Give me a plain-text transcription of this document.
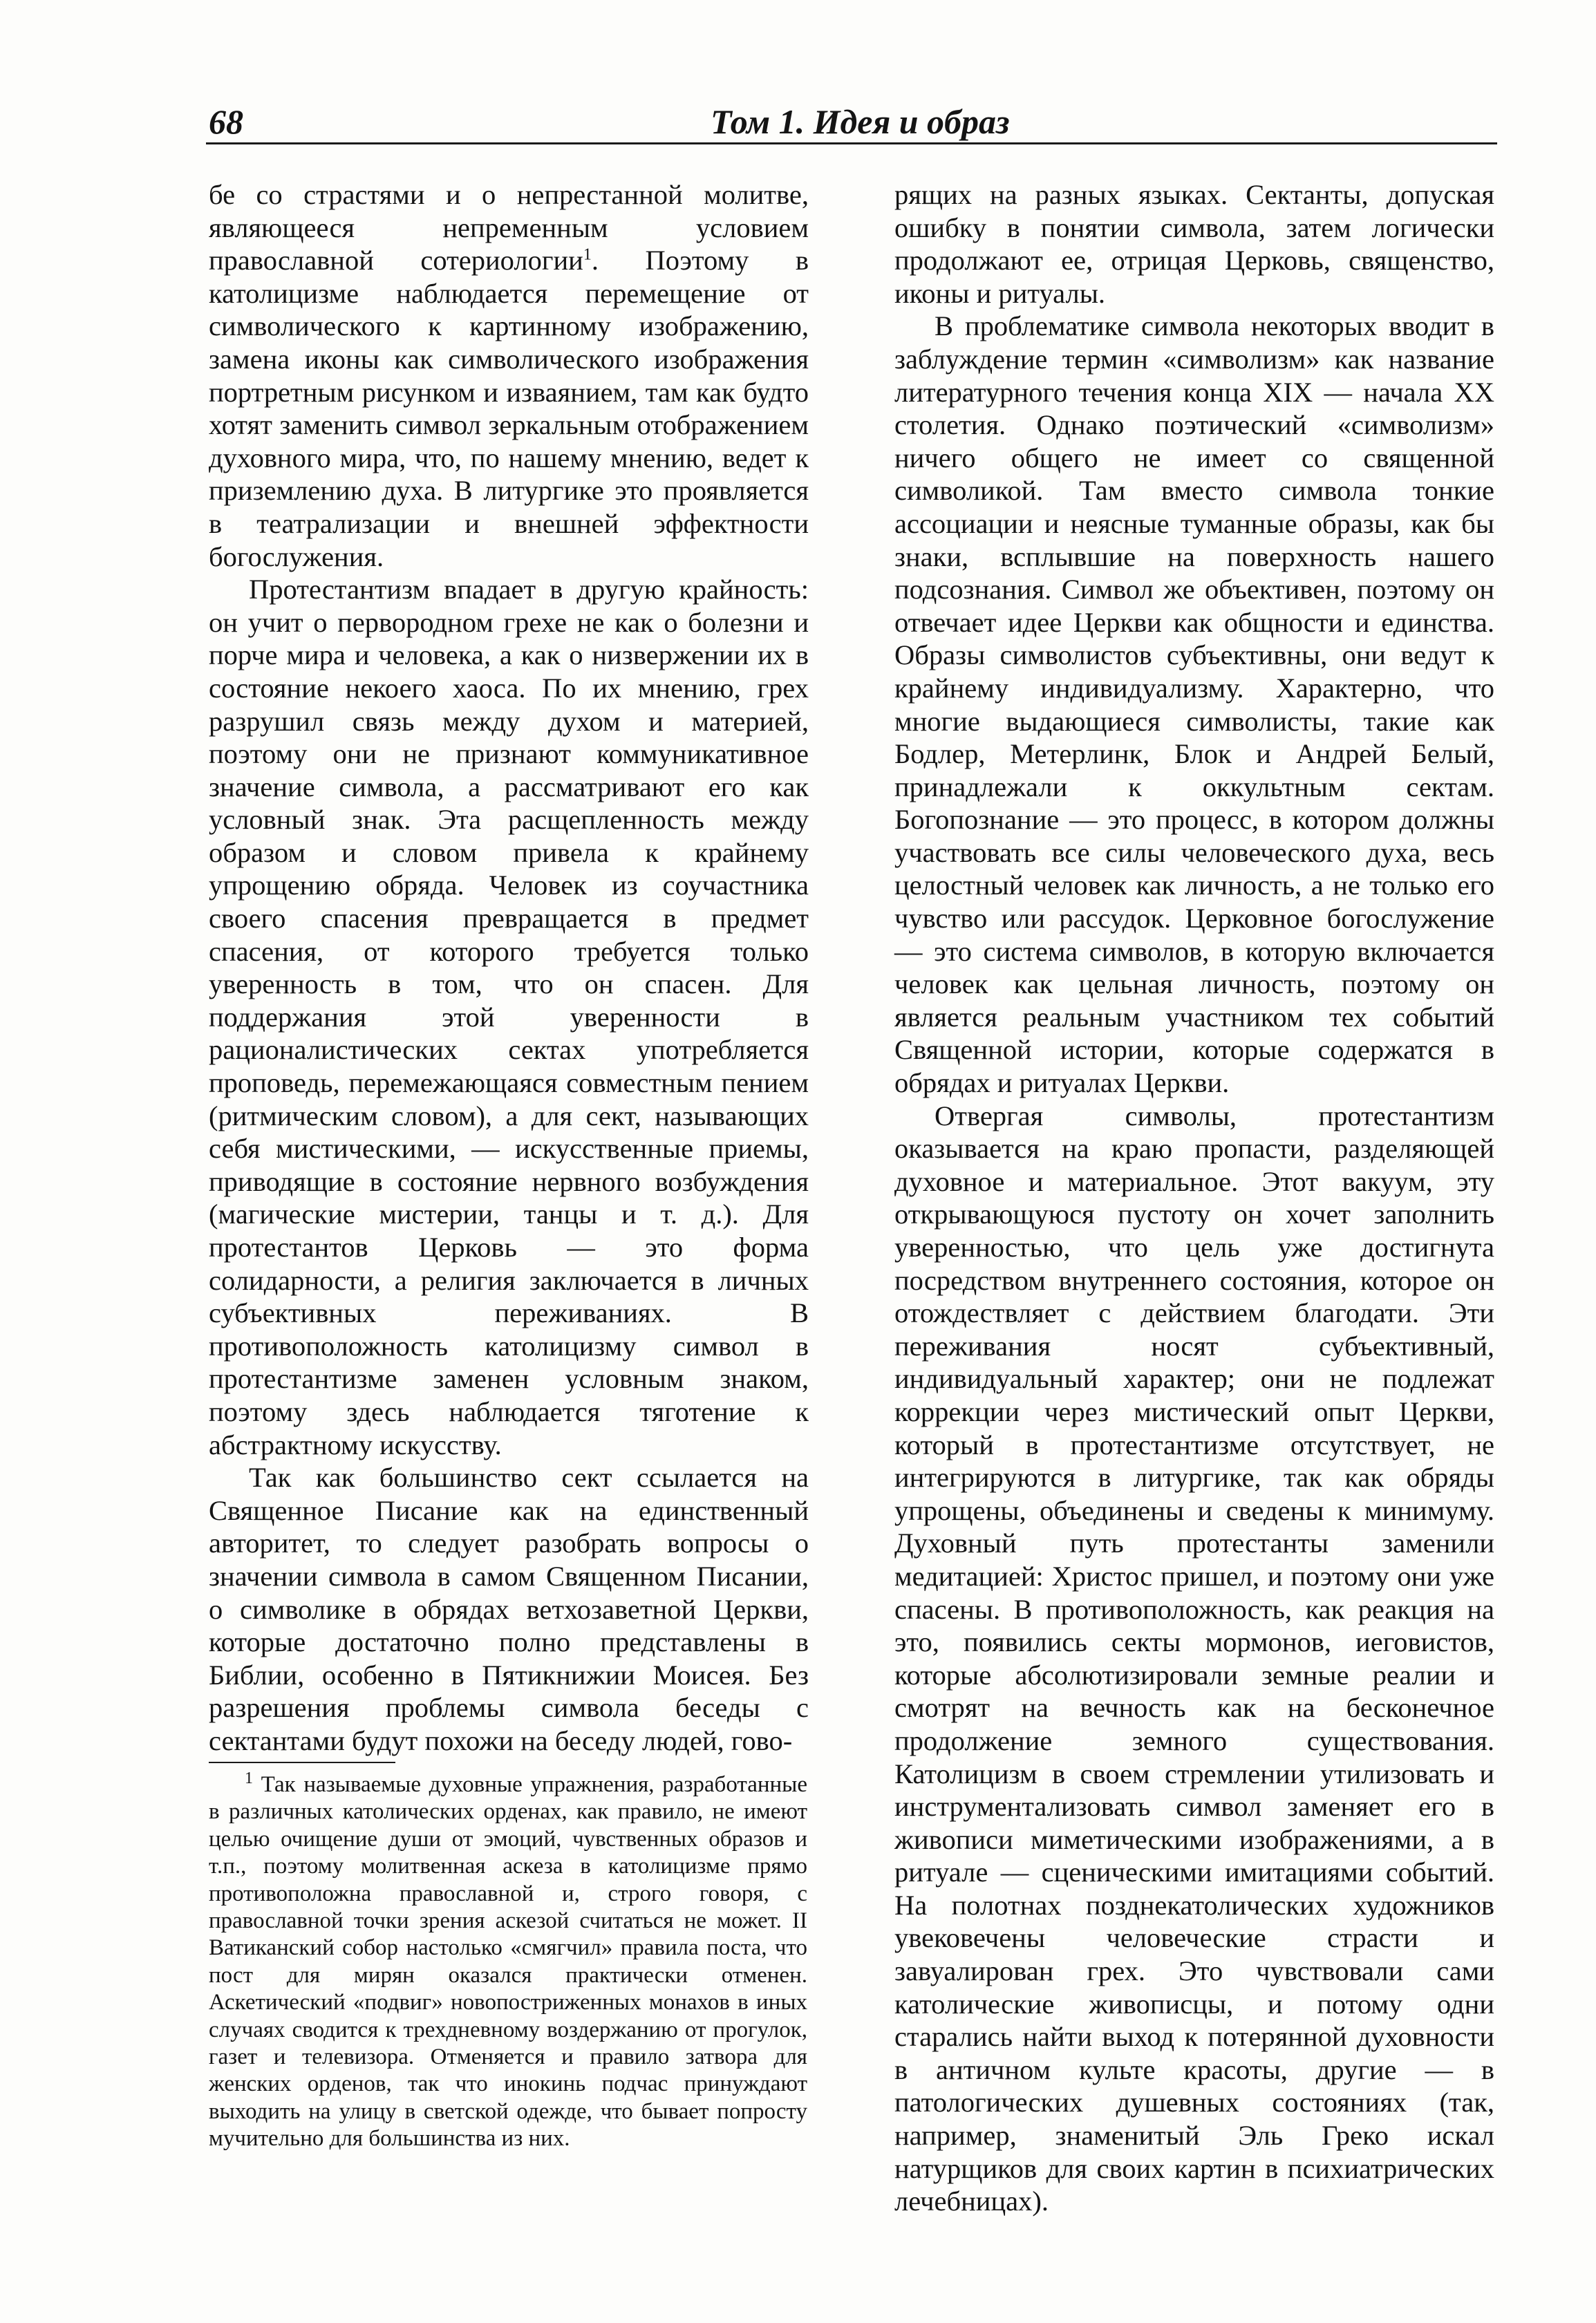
68	Том 1. Идея и образ

бе со страстями и о непрестанной молитве, являющееся непременным условием православной сотериологии$^1$. Поэтому в католицизме наблюдается перемещение от символического к картинному изображению, замена иконы как символического изображения портретным рисунком и изваянием, там как будто хотят заменить символ зеркальным отображением духовного мира, что, по нашему мнению, ведет к приземлению духа. В литургике это проявляется в театрализации и внешней эффектности богослужения.

Протестантизм впадает в другую крайность: он учит о первородном грехе не как о болезни и порче мира и человека, а как о низвержении их в состояние некоего хаоса. По их мнению, грех разрушил связь между духом и материей, поэтому они не признают коммуникативное значение символа, а рассматривают его как условный знак. Эта расщепленность между образом и словом привела к крайнему упрощению обряда. Человек из соучастника своего спасения превращается в предмет спасения, от которого требуется только уверенность в том, что он спасен. Для поддержания этой уверенности в рационалистических сектах употребляется проповедь, перемежающаяся совместным пением (ритмическим словом), а для сект, называющих себя мистическими, — искусственные приемы, приводящие в состояние нервного возбуждения (магические мистерии, танцы и т. д.). Для протестантов Церковь — это форма солидарности, а религия заключается в личных субъективных переживаниях. В противоположность католицизму символ в протестантизме заменен условным знаком, поэтому здесь наблюдается тяготение к абстрактному искусству.

Так как большинство сект ссылается на Священное Писание как на единственный авторитет, то следует разобрать вопросы о значении символа в самом Священном Писании, о символике в обрядах ветхозаветной Церкви, которые достаточно полно представлены в Библии, особенно в Пятикнижии Моисея. Без разрешения проблемы символа беседы с сектантами будут похожи на беседу людей, гово-

рящих на разных языках. Сектанты, допуская ошибку в понятии символа, затем логически продолжают ее, отрицая Церковь, священство, иконы и ритуалы.

В проблематике символа некоторых вводит в заблуждение термин «символизм» как название литературного течения конца XIX — начала XX столетия. Однако поэтический «символизм» ничего общего не имеет со священной символикой. Там вместо символа тонкие ассоциации и неясные туманные образы, как бы знаки, всплывшие на поверхность нашего подсознания. Символ же объективен, поэтому он отвечает идее Церкви как общности и единства. Образы символистов субъективны, они ведут к крайнему индивидуализму. Характерно, что многие выдающиеся символисты, такие как Бодлер, Метерлинк, Блок и Андрей Белый, принадлежали к оккультным сектам. Богопознание — это процесс, в котором должны участвовать все силы человеческого духа, весь целостный человек как личность, а не только его чувство или рассудок. Церковное богослужение — это система символов, в которую включается человек как цельная личность, поэтому он является реальным участником тех событий Священной истории, которые содержатся в обрядах и ритуалах Церкви.

Отвергая символы, протестантизм оказывается на краю пропасти, разделяющей духовное и материальное. Этот вакуум, эту открывающуюся пустоту он хочет заполнить уверенностью, что цель уже достигнута посредством внутреннего состояния, которое он отождествляет с действием благодати. Эти переживания носят субъективный, индивидуальный характер; они не подлежат коррекции через мистический опыт Церкви, который в протестантизме отсутствует, не интегрируются в литургике, так как обряды упрощены, объединены и сведены к минимуму. Духовный путь протестанты заменили медитацией: Христос пришел, и поэтому они уже спасены. В противоположность, как реакция на это, появились секты мормонов, иеговистов, которые абсолютизировали земные реалии и смотрят на вечность как на бесконечное продолжение земного существования. Католицизм в своем стремлении утилизовать и инструментализовать символ заменяет его в живописи миметическими изображениями, а в ритуале — сценическими имитациями событий. На полотнах позднекатолических художников увековечены человеческие страсти и завуалирован грех. Это чувствовали сами католические живописцы, и потому одни старались найти выход к потерянной духовности в античном культе красоты, другие — в патологических душевных состояниях (так, например, знаменитый Эль Греко искал натурщиков для своих картин в психиатрических лечебницах).

$^1$ Так называемые духовные упражнения, разработанные в различных католических орденах, как правило, не имеют целью очищение души от эмоций, чувственных образов и т.п., поэтому молитвенная аскеза в католицизме прямо противоположна православной и, строго говоря, с православной точки зрения аскезой считаться не может. II Ватиканский собор настолько «смягчил» правила поста, что пост для мирян оказался практически отменен. Аскетический «подвиг» новопостриженных монахов в иных случаях сводится к трехдневному воздержанию от прогулок, газет и телевизора. Отменяется и правило затвора для женских орденов, так что инокинь подчас принуждают выходить на улицу в светской одежде, что бывает попросту мучительно для большинства из них.
